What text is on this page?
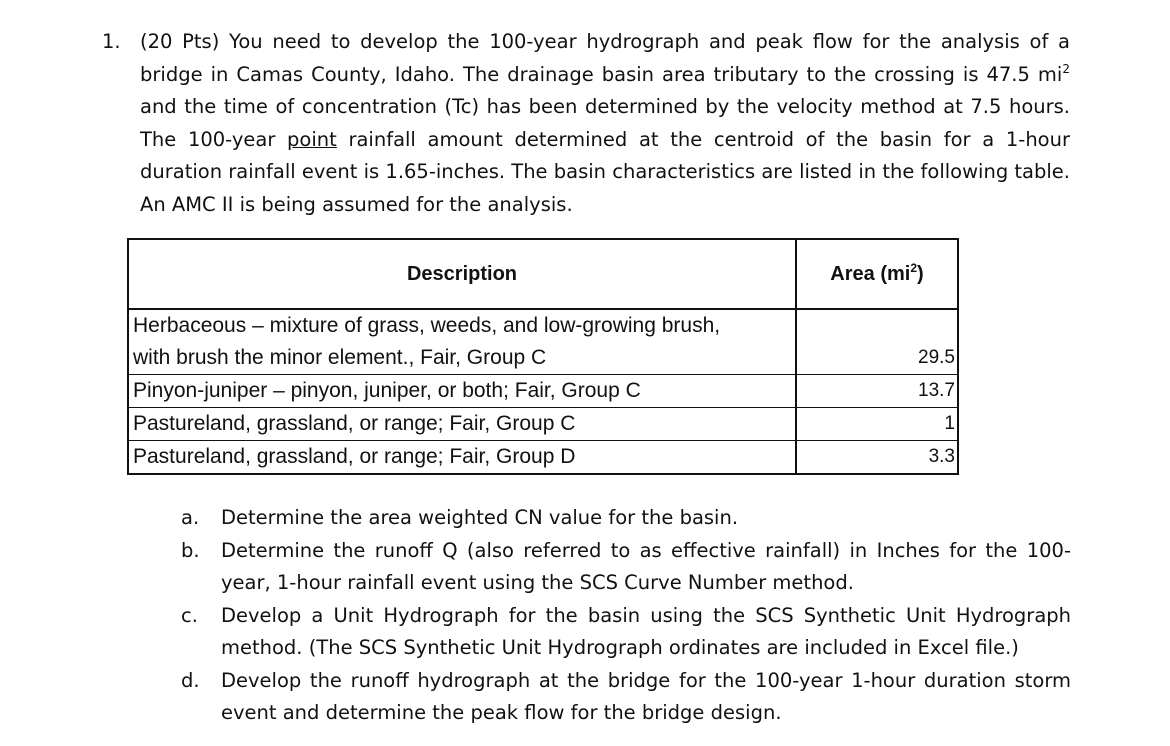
1. (20 Pts) You need to develop the 100-year hydrograph and peak flow for the analysis of a bridge in Camas County, Idaho. The drainage basin area tributary to the crossing is 47.5 $mi^2$ and the time of concentration (Tc) has been determined by the velocity method at 7.5 hours. The 100-year point rainfall amount determined at the centroid of the basin for a 1-hour duration rainfall event is 1.65-inches. The basin characteristics are listed in the following table. An AMC II is being assumed for the analysis.
Description	Area $(mi^2)$

Herbaceous – mixture of grass, weeds, and low-growing brush,
with brush the minor element., Fair, Group C	29.5
Pinyon-juniper – pinyon, juniper, or both; Fair, Group C	13.7
Pastureland, grassland, or range; Fair, Group C	1
Pastureland, grassland, or range; Fair, Group D	3.3
a. Determine the area weighted CN value for the basin.
b. Determine the runoff Q (also referred to as effective rainfall) in Inches for the 100-year, 1-hour rainfall event using the SCS Curve Number method.
c. Develop a Unit Hydrograph for the basin using the SCS Synthetic Unit Hydrograph method. (The SCS Synthetic Unit Hydrograph ordinates are included in Excel file.)
d. Develop the runoff hydrograph at the bridge for the 100-year 1-hour duration storm event and determine the peak flow for the bridge design.
